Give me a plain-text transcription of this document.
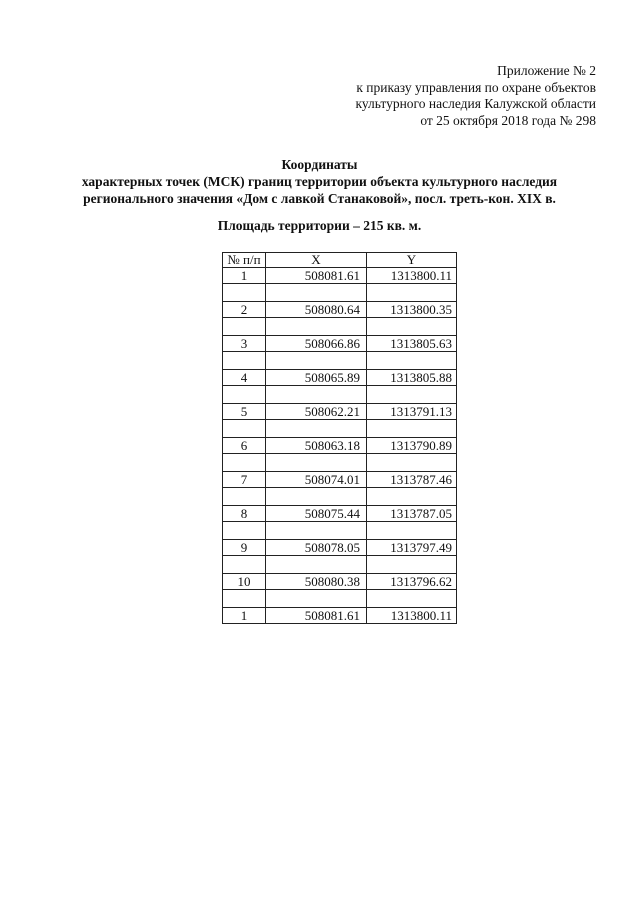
Приложение № 2
к приказу управления по охране объектов
культурного наследия Калужской области
от 25 октября 2018 года № 298
Координаты
характерных точек (МСК) границ территории объекта культурного наследия
регионального значения «Дом с лавкой Станаковой», посл. треть-кон. XIX в.
Площадь территории – 215 кв. м.
№ п/п	X	Y
1	508081.61	1313800.11

2	508080.64	1313800.35

3	508066.86	1313805.63

4	508065.89	1313805.88

5	508062.21	1313791.13

6	508063.18	1313790.89

7	508074.01	1313787.46

8	508075.44	1313787.05

9	508078.05	1313797.49

10	508080.38	1313796.62

1	508081.61	1313800.11
